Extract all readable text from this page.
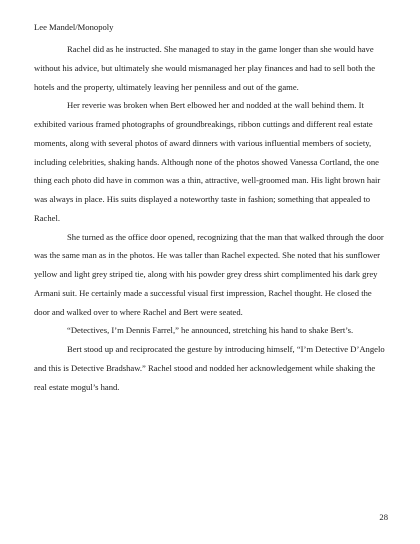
Lee Mandel/Monopoly

Rachel did as he instructed. She managed to stay in the game longer than she would have without his advice, but ultimately she would mismanaged her play finances and had to sell both the hotels and the property, ultimately leaving her penniless and out of the game.

Her reverie was broken when Bert elbowed her and nodded at the wall behind them. It exhibited various framed photographs of groundbreakings, ribbon cuttings and different real estate moments, along with several photos of award dinners with various influential members of society, including celebrities, shaking hands. Although none of the photos showed Vanessa Cortland, the one thing each photo did have in common was a thin, attractive, well-groomed man. His light brown hair was always in place. His suits displayed a noteworthy taste in fashion; something that appealed to Rachel.

She turned as the office door opened, recognizing that the man that walked through the door was the same man as in the photos. He was taller than Rachel expected. She noted that his sunflower yellow and light grey striped tie, along with his powder grey dress shirt complimented his dark grey Armani suit. He certainly made a successful visual first impression, Rachel thought. He closed the door and walked over to where Rachel and Bert were seated.

“Detectives, I’m Dennis Farrel,” he announced, stretching his hand to shake Bert’s.

Bert stood up and reciprocated the gesture by introducing himself, “I’m Detective D’Angelo and this is Detective Bradshaw.” Rachel stood and nodded her acknowledgement while shaking the real estate mogul’s hand.

28
